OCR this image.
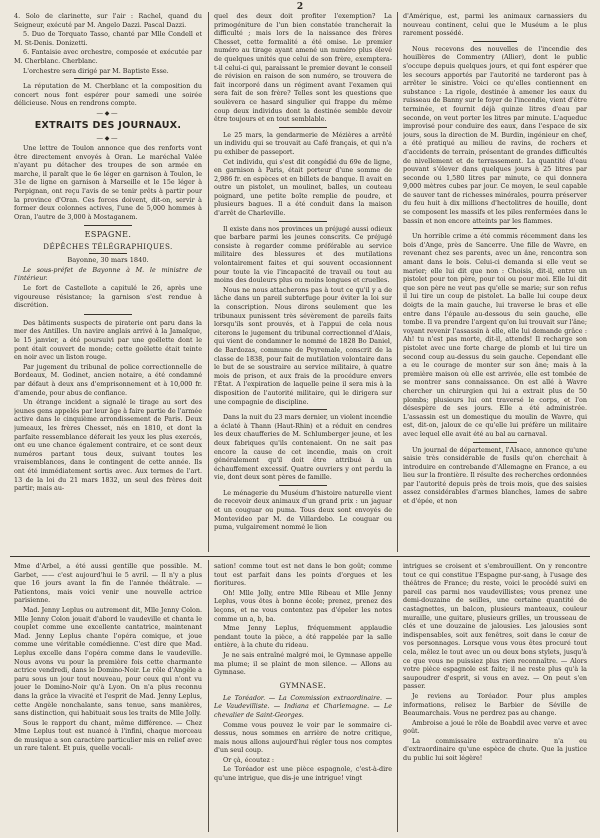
2

4. Solo de clarinette, sur l'air : Rachel, quand du Seigneur, exécuté par M. Angelo Dazzi. Pascal Dazzi.

5. Duo de Torquato Tasso, chanté par Mlle Condell et M. St-Denis. Donizetti.

6. Fantaisie avec orchestre, composée et exécutée par M. Cherblanc. Cherblanc.

L'orchestre sera dirigé par M. Baptiste Esse.

La réputation de M. Cherblanc et la composition du concert nous font espérer pour samedi une soirée délicieuse. Nous en rendrons compte.

―◆―
EXTRAITS DES JOURNAUX.
―◆―

Une lettre de Toulon annonce que des renforts vont être directement envoyés à Oran. Le maréchal Valée n'ayant pu détacher des troupes de son armée en marche, il paraît que le 6e léger en garnison à Toulon, le 31e de ligne en garnison à Marseille et le 15e léger à Perpignan, ont reçu l'avis de se tenir prêts à partir pour la province d'Oran. Ces forces doivent, dit-on, servir à former deux colonnes actives, l'une de 5,000 hommes à Oran, l'autre de 3,000 à Mostaganem.

ESPAGNE.
DÉPÊCHES TÉLÉGRAPHIQUES.
Bayonne, 30 mars 1840.

Le sous-préfet de Bayonne à M. le ministre de l'intérieur.

Le fort de Castellote a capitulé le 26, après une vigoureuse résistance; la garnison s'est rendue à discrétion.

Des bâtiments suspects de piraterie ont paru dans la mer des Antilles. Un navire anglais arrivé à la Jamaïque, le 15 janvier, a été poursuivi par une goëlette dont le pont était couvert de monde; cette goëlette était teinte en noir avec un liston rouge.

Par jugement du tribunal de police correctionnelle de Bordeaux, M. Godinet, ancien notaire, a été condamné par défaut à deux ans d'emprisonnement et à 10,000 fr. d'amende, pour abus de confiance.

Un étrange incident a signalé le tirage au sort des jeunes gens appelés par leur âge à faire partie de l'armée active dans le cinquième arrondissement de Paris. Deux jumeaux, les frères Chesset, nés en 1810, et dont la parfaite ressemblance déferait les yeux les plus exercés, ont eu une chance également contraire, et ce sont deux numéros partant tous deux, suivant toutes les vraisemblances, dans le contingent de cette année. Ils ont été immédiatement sortis avec. Aux termes de l'art. 13 de la loi du 21 mars 1832, un seul des frères doit partir; mais au-

quel des deux doit profiter l'exemption? La primogéniture de l'un bien constatée trancherait la difficulté ; mais lors de la naissance des frères Chesset, cette formalité a été omise. Le premier numéro au tirage ayant amené un numéro plus élevé de quelques unités que celui de son frère, exemptera-t-il celui-ci qui, paraissant le premier devant le conseil de révision en raison de son numéro, se trouvera de fait incorporé dans un régiment avant l'examen qui sera fait de son frère? Telles sont les questions que soulèvera ce hasard singulier qui frappe du même coup deux individus dont la destinée semble devoir être toujours et en tout semblable.

Le 25 mars, la gendarmerie de Mézières a arrêté un individu qui se trouvait au Café français, et qui n'a pu exhiber de passeport.

Cet individu, qui s'est dit congédié du 69e de ligne, en garnison à Paris, était porteur d'une somme de 2,986 fr. en espèces et en billets de banque. Il avait en outre un pistolet, un moulinet, balles, un couteau poignard, une petite boîte remplie de poudre, et plusieurs bagues. Il a été conduit dans la maison d'arrêt de Charleville.

Il existe dans nos provinces un préjugé aussi odieux que barbare parmi les jeunes conscrits. Ce préjugé consiste à regarder comme préférable au service militaire des blessures et des mutilations volontairement faites et qui souvent occasionnent pour toute la vie l'incapacité de travail ou tout au moins des douleurs plus ou moins longues et cruelles.

Nous ne nous attacherons pas à tout ce qu'il y a de lâche dans un pareil subterfuge pour éviter la loi sur la conscription. Nous dirons seulement que les tribunaux punissent très sévèrement de pareils faits lorsqu'ils sont prouvés, et à l'appui de cela nous citerons le jugement du tribunal correctionnel d'Alais, qui vient de condamner le nommé de 1828 Bo Daniel, de Bardozas, commune de Peyremale, conscrit de la classe de 1838, pour fait de mutilation volontaire dans le but de se soustraire au service militaire, à quatre mois de prison, et aux frais de la procédure envers l'État. A l'expiration de laquelle peine il sera mis à la disposition de l'autorité militaire, qui le dirigera sur une compagnie de discipline.

Dans la nuit du 23 mars dernier, un violent incendie a éclaté à Thann (Haut-Rhin) et a réduit en cendres les deux chaufferies de M. Schlumberger jeune, et les deux fabriques qu'ils contenaient. On ne sait pas encore la cause de cet incendie, mais on croit généralement qu'il doit être attribué à un échauffement excessif. Quatre ouvriers y ont perdu la vie, dont deux sont pères de famille.

Le ménagerie du Muséum d'histoire naturelle vient de recevoir deux animaux d'un grand prix : un jaguar et un couguar ou puma. Tous deux sont envoyés de Montevideo par M. de Villardebo. Le couguar ou puma, vulgairement nommé le lion

d'Amérique, est, parmi les animaux carnassiers du nouveau continent, celui que le Muséum a le plus rarement possédé.

Nous recevons des nouvelles de l'incendie des houillères de Commentry (Allier), dont le public s'occupe depuis quelques jours, et qui font espérer que les secours apportés par l'autorité ne tarderont pas à arrêter le sinistre. Voici ce qu'elles contiennent en substance : La rigole, destinée à amener les eaux du ruisseau de Banny sur le foyer de l'incendie, vient d'être terminée, et fournit déjà quinze litres d'eau par seconde, on veut porter les litres par minute. L'aqueduc improvisé pour conduire des eaux, dans l'espace de six jours, sous la direction de M. Burdin, ingénieur en chef, a été pratiqué au milieu de ravins, de rochers et d'accidents de terrain, présentant de grandes difficultés de nivellement et de terrassement. La quantité d'eau pouvant s'élever dans quelques jours à 25 litres par seconde ou 1,580 litres par minute, ce qui donnera 9,000 mètres cubes par jour. Ce moyen, le seul capable de sauver tant de richesses minérales, pourra préserver du feu huit à dix millions d'hectolitres de houille, dont se composent les massifs et les piles renfermées dans le bassin et non encore atteints par les flammes.

Un horrible crime a été commis récemment dans les bois d'Ange, près de Sancerre. Une fille de Wavre, en revenant chez ses parents, avec un âne, rencontra son amant dans le bois. Celui-ci demanda si elle veut se marier; elle lui dit que non : Choisis, dit-il, entre un pistolet pour ton père, pour toi ou pour moi. Elle lui dit que son père ne veut pas qu'elle se marie; sur son refus il lui tire un coup de pistolet. La balle lui coupe deux doigts de la main gauche, lui traverse le bras et elle entre dans l'épaule au-dessous du sein gauche, elle tombe. Il va prendre l'argent qu'on lui trouvait sur l'âne; voyant revenir l'assassin à elle, elle lui demande grâce : Ah! tu n'est pas morte, dit-il, attends! Il recharge son pistolet avec une forte charge de plomb et lui tire un second coup au-dessus du sein gauche. Cependant elle a eu le courage de monter sur son âne; mais à la première maison où elle est arrivée, elle est tombée de se montrer sans connaissance. On est allé à Wavre chercher un chirurgien qui lui a extrait plus de 50 plombs; plusieurs lui ont traversé le corps, et l'on désespère de ses jours. Elle a été administrée. L'assassin est un domestique du moulin de Wavre, qui est, dit-on, jaloux de ce qu'elle lui préfère un militaire avec lequel elle avait été au bal au carnaval.

Un journal de département, l'Alsace, annonce qu'une saisie très considérable de fusils qu'on cherchait à introduire en contrebande d'Allemagne en France, a eu lieu sur la frontière. Il résulte des recherches ordonnées par l'autorité depuis près de trois mois, que des saisies assez considérables d'armes blanches, lames de sabre et d'épée, et non

Mme d'Arbel, a été aussi gentille que possible. M. Garbet, —— c'est aujourd'hui le 5 avril. — Il n'y a plus que 16 jours avant la fin de l'année théâtrale. — Patientons, mais voici venir une nouvelle actrice parisienne.

Mad. Jenny Leplus ou autrement dit, Mlle Jenny Colon. Mlle Jenny Colon jouait d'abord le vaudeville et chanta le couplet comme une excellente cantatrice, maintenant Mad. Jenny Leplus chante l'opéra comique, et joue comme une véritable comédienne. C'est dire que Mad. Leplus excelle dans l'opéra comme dans le vaudeville. Nous avons vu pour la première fois cette charmante actrice vendredi, dans le Domino-Noir. Le rôle d'Angèle a paru sous un jour tout nouveau, pour ceux qui n'ont vu jouer le Domino-Noir qu'à Lyon. On n'a plus reconnu dans la grâce la vivacité et l'esprit de Mad. Jenny Leplus, cette Angèle nonchalante, sans tenue, sans manières, sans distinction, qui habituait sous les traits de Mlle Jolly.

Sous le rapport du chant, même différence. — Chez Mme Leplus tout est nuancé à l'infini, chaque morceau de musique a son caractère particulier mis en relief avec un rare talent. Et puis, quelle vocali-

sation! comme tout est net dans le bon goût; comme tout est parfait dans les points d'orgues et les fioritures.

Oh! Mlle Jolly, entre Mlle Ribeau et Mlle Jenny Leplus, vous êtes à bonne école; prenez, prenez des leçons, et ne vous contentez pas d'épeler les notes comme un a, b, ba.

Mme Jenny Leplus, fréquemment applaudie pendant toute la pièce, a été rappelée par la salle entière, à la chute du rideau.

Je ne sais entraîné malgré moi, le Gymnase appelle ma plume; il se plaint de mon silence. — Allons au Gymnase.

GYMNASE.

Le Toréador. — La Commission extraordinaire. — Le Vaudevilliste. — Indiana et Charlemagne. — Le chevalier de Saint-Georges.

Comme vous pouvez le voir par le sommaire ci-dessus, nous sommes en arrière de notre critique, mais nous allons aujourd'hui régler tous nos comptes d'un seul coup.

Or çà, écoutez :

Le Toréador est une pièce espagnole, c'est-à-dire qu'une intrigue, que dis-je une intrigue! vingt

intrigues se croisent et s'embrouillent. On y rencontre tout ce qui constitue l'Espagne pur-sang, à l'usage des théâtres de France; du reste, voici le procédé suivi en pareil cas parmi nos vaudevillistes; vous prenez une demi-douzaine de seilles, une certaine quantité de castagnettes, un balcon, plusieurs manteaux, couleur muraille, une guitare, plusieurs grilles, un trousseau de clés et une douzaine de jalousies. Les jalousies sont indispensables, soit aux fenêtres, soit dans le cœur de vos personnages. Lorsque vous vous êtes procuré tout cela, mêlez le tout avec un ou deux bons stylets, jusqu'à ce que vous ne puissiez plus rien reconnaître. — Alors votre pièce espagnole est faite; il ne reste plus qu'à la saupoudrer d'esprit, si vous en avez. — On peut s'en passer.

Je reviens au Toréador. Pour plus amples informations, relisez le Barbier de Séville de Beaumarchais. Vous ne perdrez pas au change.

Ambroise a joué le rôle de Boabdil avec verve et avec goût.

La commissaire extraordinaire n'a eu d'extraordinaire qu'une espèce de chute. Que la justice du public lui soit légère!
